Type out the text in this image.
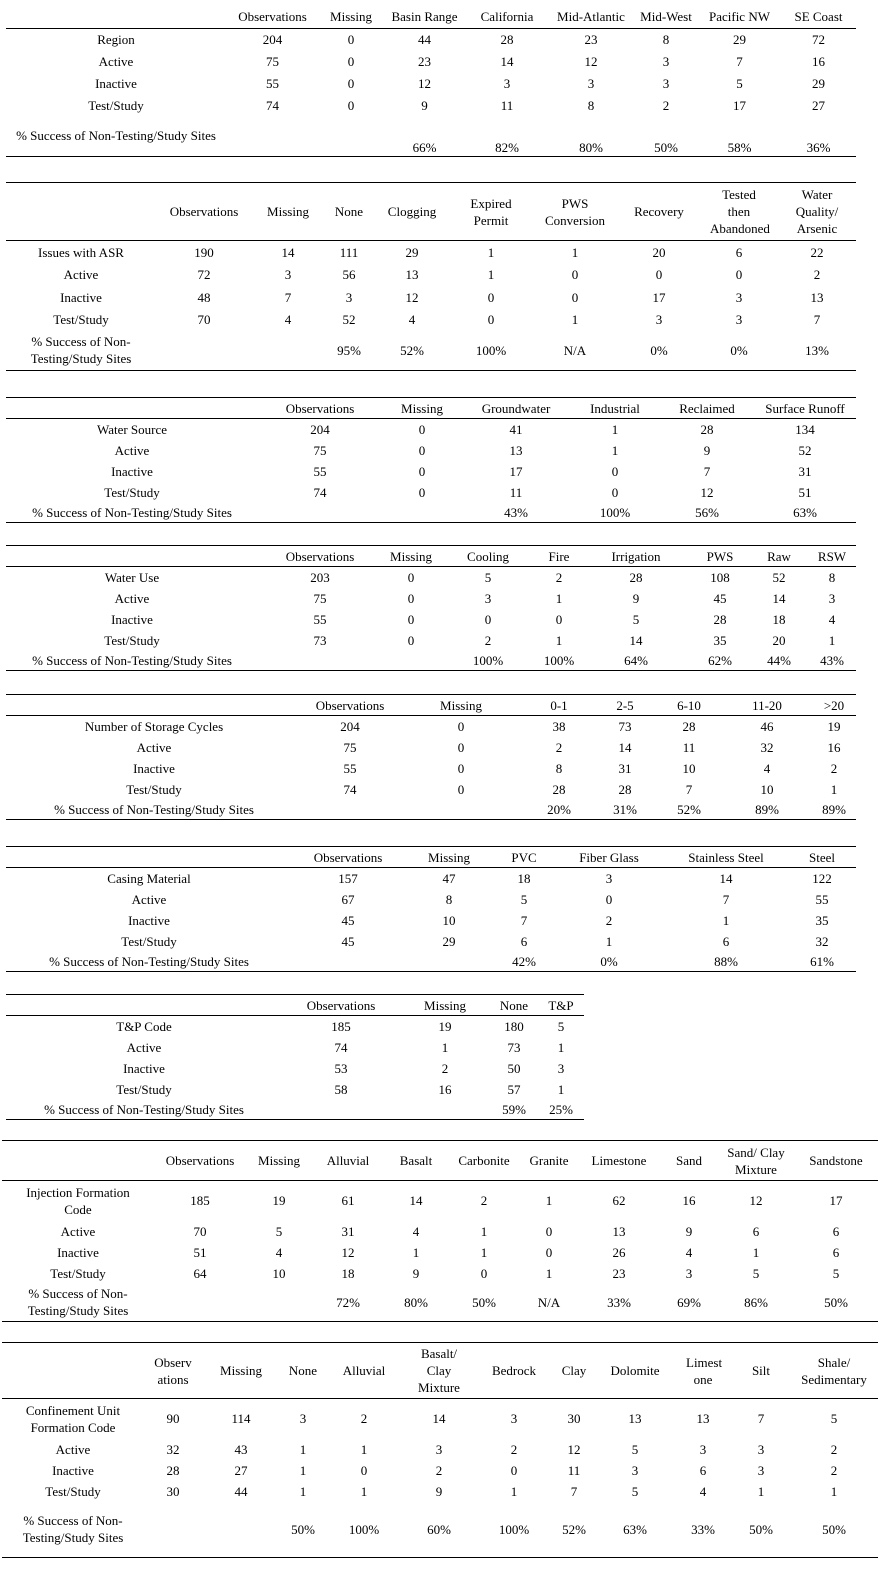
	Observations	Missing	Basin Range	California	Mid-Atlantic	Mid-West	Pacific NW	SE Coast
Region	204	0	44	28	23	8	29	72
Active	75	0	23	14	12	3	7	16
Inactive	55	0	12	3	3	3	5	29
Test/Study	74	0	9	11	8	2	17	27
% Success of Non-Testing/Study Sites			66%	82%	80%	50%	58%	36%
	Observations	Missing	None	Clogging	Expired Permit	PWS Conversion	Recovery	Tested then Abandoned	Water Quality/ Arsenic
Issues with ASR	190	14	111	29	1	1	20	6	22
Active	72	3	56	13	1	0	0	0	2
Inactive	48	7	3	12	0	0	17	3	13
Test/Study	70	4	52	4	0	1	3	3	7
% Success of Non-Testing/Study Sites			95%	52%	100%	N/A	0%	0%	13%
	Observations	Missing	Groundwater	Industrial	Reclaimed	Surface Runoff
Water Source	204	0	41	1	28	134
Active	75	0	13	1	9	52
Inactive	55	0	17	0	7	31
Test/Study	74	0	11	0	12	51
% Success of Non-Testing/Study Sites			43%	100%	56%	63%
	Observations	Missing	Cooling	Fire	Irrigation	PWS	Raw	RSW
Water Use	203	0	5	2	28	108	52	8
Active	75	0	3	1	9	45	14	3
Inactive	55	0	0	0	5	28	18	4
Test/Study	73	0	2	1	14	35	20	1
% Success of Non-Testing/Study Sites			100%	100%	64%	62%	44%	43%
	Observations	Missing	0-1	2-5	6-10	11-20	>20
Number of Storage Cycles	204	0	38	73	28	46	19
Active	75	0	2	14	11	32	16
Inactive	55	0	8	31	10	4	2
Test/Study	74	0	28	28	7	10	1
% Success of Non-Testing/Study Sites			20%	31%	52%	89%	89%
	Observations	Missing	PVC	Fiber Glass	Stainless Steel	Steel
Casing Material	157	47	18	3	14	122
Active	67	8	5	0	7	55
Inactive	45	10	7	2	1	35
Test/Study	45	29	6	1	6	32
% Success of Non-Testing/Study Sites			42%	0%	88%	61%
	Observations	Missing	None	T&P
T&P Code	185	19	180	5
Active	74	1	73	1
Inactive	53	2	50	3
Test/Study	58	16	57	1
% Success of Non-Testing/Study Sites			59%	25%
	Observations	Missing	Alluvial	Basalt	Carbonite	Granite	Limestone	Sand	Sand/ Clay Mixture	Sandstone
Injection Formation Code	185	19	61	14	2	1	62	16	12	17
Active	70	5	31	4	1	0	13	9	6	6
Inactive	51	4	12	1	1	0	26	4	1	6
Test/Study	64	10	18	9	0	1	23	3	5	5
% Success of Non-Testing/Study Sites			72%	80%	50%	N/A	33%	69%	86%	50%
	Observ ations	Missing	None	Alluvial	Basalt/ Clay Mixture	Bedrock	Clay	Dolomite	Limest one	Silt	Shale/ Sedimentary
Confinement Unit Formation Code	90	114	3	2	14	3	30	13	13	7	5
Active	32	43	1	1	3	2	12	5	3	3	2
Inactive	28	27	1	0	2	0	11	3	6	3	2
Test/Study	30	44	1	1	9	1	7	5	4	1	1
% Success of Non-Testing/Study Sites			50%	100%	60%	100%	52%	63%	33%	50%	50%
